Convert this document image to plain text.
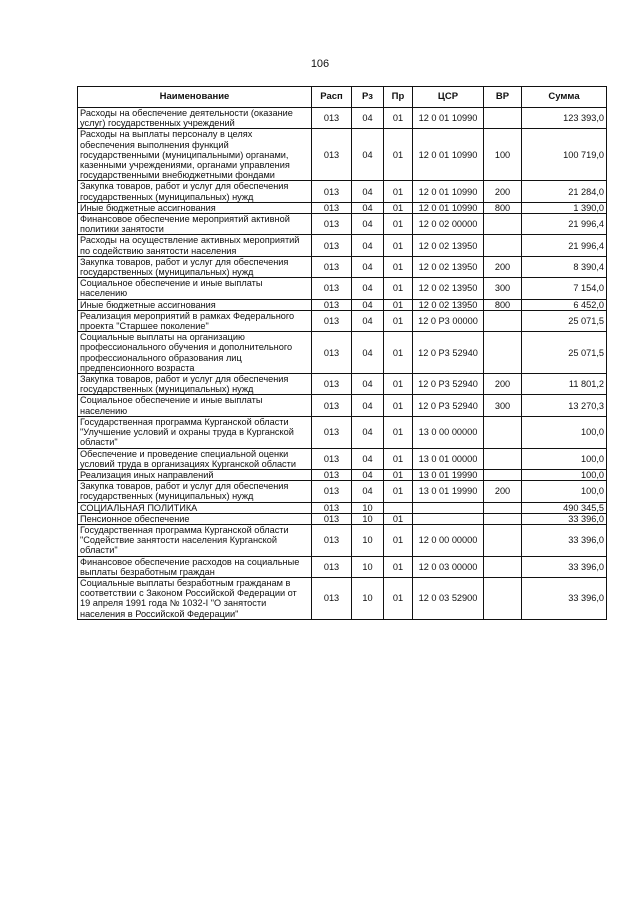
106
Наименование	Расп	Рз	Пр	ЦСР	ВР	Сумма
Расходы на обеспечение деятельности (оказание услуг) государственных учреждений	013	04	01	12 0 01 10990		123 393,0
Расходы на выплаты персоналу в целях обеспечения выполнения функций государственными (муниципальными) органами, казенными учреждениями, органами управления государственными внебюджетными фондами	013	04	01	12 0 01 10990	100	100 719,0
Закупка товаров, работ и услуг для обеспечения государственных (муниципальных) нужд	013	04	01	12 0 01 10990	200	21 284,0
Иные бюджетные ассигнования	013	04	01	12 0 01 10990	800	1 390,0
Финансовое обеспечение мероприятий активной политики занятости	013	04	01	12 0 02 00000		21 996,4
Расходы на осуществление активных мероприятий по содействию занятости населения	013	04	01	12 0 02 13950		21 996,4
Закупка товаров, работ и услуг для обеспечения государственных (муниципальных) нужд	013	04	01	12 0 02 13950	200	8 390,4
Социальное обеспечение и иные выплаты населению	013	04	01	12 0 02 13950	300	7 154,0
Иные бюджетные ассигнования	013	04	01	12 0 02 13950	800	6 452,0
Реализация мероприятий в рамках Федерального проекта "Старшее поколение"	013	04	01	12 0 P3 00000		25 071,5
Социальные выплаты на организацию профессионального обучения и дополнительного профессионального образования лиц предпенсионного возраста	013	04	01	12 0 P3 52940		25 071,5
Закупка товаров, работ и услуг для обеспечения государственных (муниципальных) нужд	013	04	01	12 0 P3 52940	200	11 801,2
Социальное обеспечение и иные выплаты населению	013	04	01	12 0 P3 52940	300	13 270,3
Государственная программа Курганской области "Улучшение условий и охраны труда в Курганской области"	013	04	01	13 0 00 00000		100,0
Обеспечение и проведение специальной оценки условий труда в организациях Курганской области	013	04	01	13 0 01 00000		100,0
Реализация иных направлений	013	04	01	13 0 01 19990		100,0
Закупка товаров, работ и услуг для обеспечения государственных (муниципальных) нужд	013	04	01	13 0 01 19990	200	100,0
СОЦИАЛЬНАЯ ПОЛИТИКА	013	10				490 345,5
Пенсионное обеспечение	013	10	01			33 396,0
Государственная программа Курганской области "Содействие занятости населения Курганской области"	013	10	01	12 0 00 00000		33 396,0
Финансовое обеспечение расходов на социальные выплаты безработным граждан	013	10	01	12 0 03 00000		33 396,0
Социальные выплаты безработным гражданам в соответствии с Законом Российской Федерации от 19 апреля 1991 года № 1032-I "О занятости населения в Российской Федерации"	013	10	01	12 0 03 52900		33 396,0
